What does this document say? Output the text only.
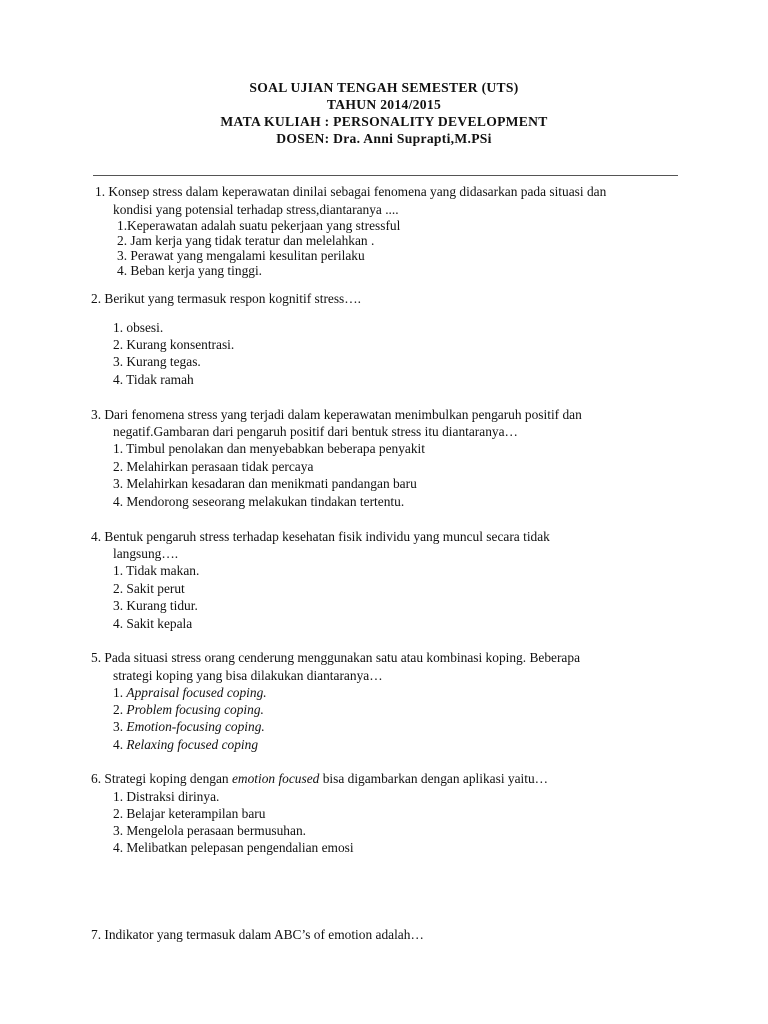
SOAL UJIAN TENGAH SEMESTER (UTS)
TAHUN 2014/2015
MATA KULIAH : PERSONALITY DEVELOPMENT
DOSEN: Dra. Anni Suprapti,M.PSi
1. Konsep stress dalam keperawatan dinilai sebagai fenomena yang didasarkan pada situasi dan
kondisi yang potensial terhadap stress,diantaranya ....
1.Keperawatan adalah suatu pekerjaan yang stressful
2. Jam kerja yang tidak teratur dan melelahkan .
3. Perawat yang mengalami kesulitan perilaku
4. Beban kerja yang tinggi.
2. Berikut yang termasuk respon kognitif stress….
1. obsesi.
2. Kurang konsentrasi.
3. Kurang tegas.
4. Tidak ramah
3. Dari fenomena stress yang terjadi dalam keperawatan menimbulkan pengaruh positif dan
negatif.Gambaran dari pengaruh positif dari bentuk stress itu diantaranya…
1. Timbul penolakan dan menyebabkan beberapa penyakit
2. Melahirkan perasaan tidak percaya
3. Melahirkan kesadaran dan menikmati pandangan baru
4. Mendorong seseorang melakukan tindakan tertentu.
4. Bentuk pengaruh stress terhadap kesehatan fisik individu yang muncul secara tidak
langsung….
1. Tidak makan.
2. Sakit perut
3. Kurang tidur.
4. Sakit kepala
5. Pada situasi stress orang cenderung menggunakan satu atau kombinasi koping. Beberapa
strategi koping yang bisa dilakukan diantaranya…
1. Appraisal focused coping.
2. Problem focusing coping.
3. Emotion-focusing coping.
4. Relaxing focused coping
6. Strategi koping dengan emotion focused bisa digambarkan dengan aplikasi yaitu…
1. Distraksi dirinya.
2. Belajar keterampilan baru
3. Mengelola perasaan bermusuhan.
4. Melibatkan pelepasan pengendalian emosi
7. Indikator yang termasuk dalam ABC’s of emotion adalah…
